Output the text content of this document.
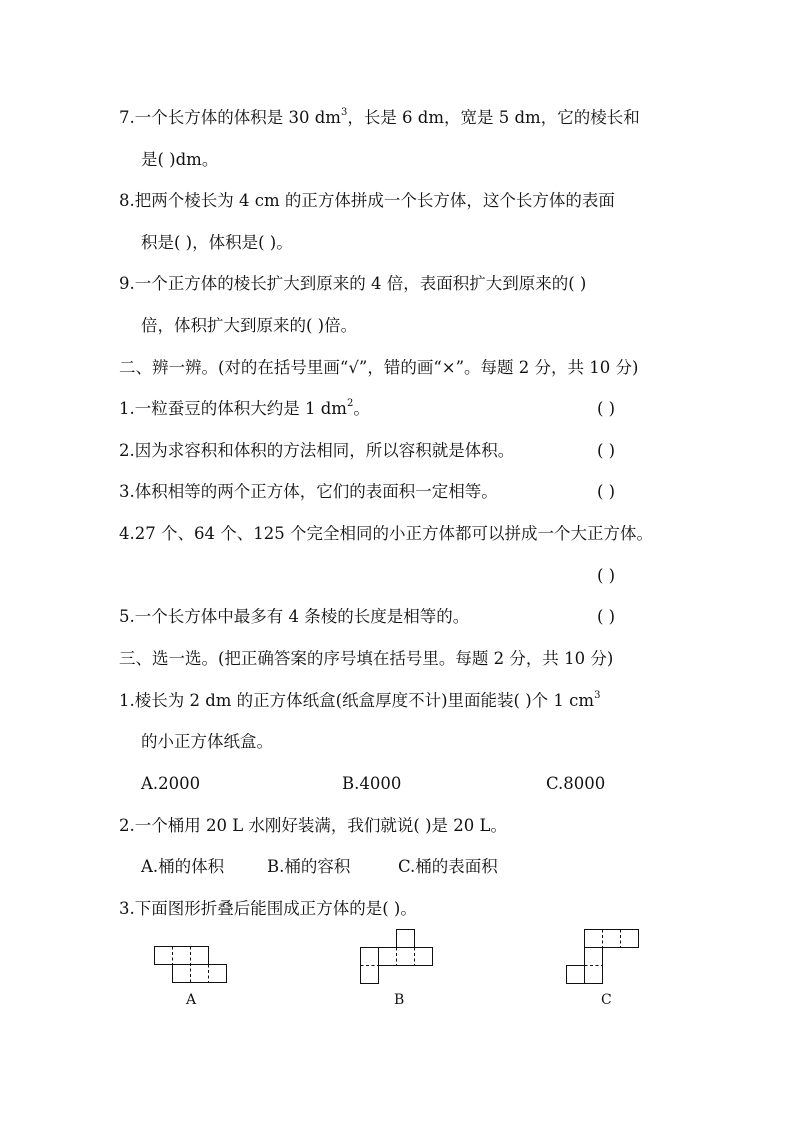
7.一个长方体的体积是 30 $dm^3$，长是 6 dm，宽是 5 dm，它的棱长和
是( )dm。
8.把两个棱长为 4 cm 的正方体拼成一个长方体，这个长方体的表面
积是( )，体积是( )。
9.一个正方体的棱长扩大到原来的 4 倍，表面积扩大到原来的( )
倍，体积扩大到原来的( )倍。
二、辨一辨。(对的在括号里画“√”，错的画“×”。每题 2 分，共 10 分)
1.一粒蚕豆的体积大约是 1 $dm^2$。	( )
2.因为求容积和体积的方法相同，所以容积就是体积。	( )
3.体积相等的两个正方体，它们的表面积一定相等。	( )
4.27 个、64 个、125 个完全相同的小正方体都可以拼成一个大正方体。
( )
5.一个长方体中最多有 4 条棱的长度是相等的。	( )
三、选一选。(把正确答案的序号填在括号里。每题 2 分，共 10 分)
1.棱长为 2 dm 的正方体纸盒(纸盒厚度不计)里面能装( )个 1 $cm^3$
的小正方体纸盒。
A.2000	B.4000	C.8000
2.一个桶用 20 L 水刚好装满，我们就说( )是 20 L。
A.桶的体积	B.桶的容积	C.桶的表面积
3.下面图形折叠后能围成正方体的是( )。
A	B	C
